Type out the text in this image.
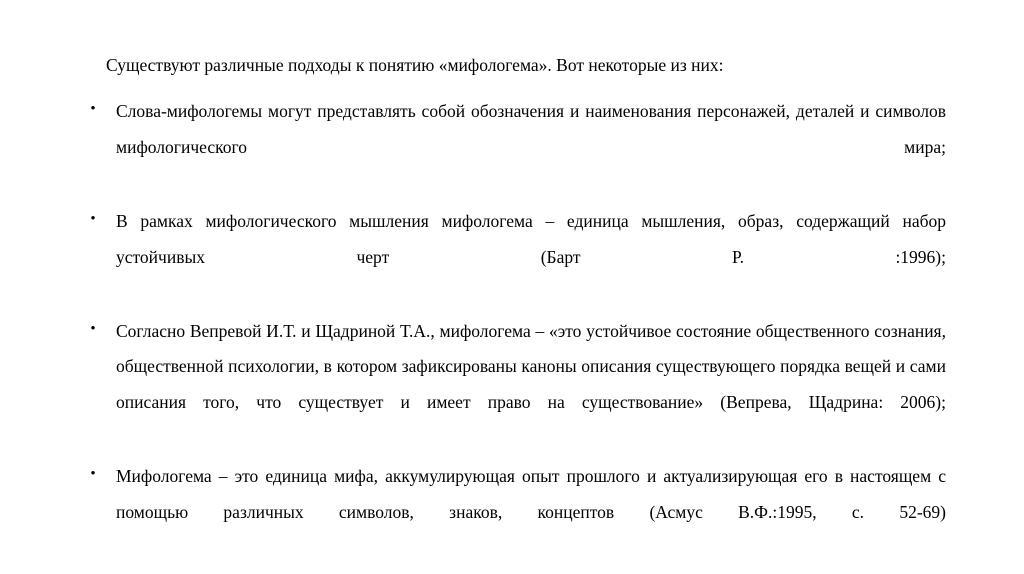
Существуют различные подходы к понятию «мифологема». Вот некоторые из них:

• Слова-мифологемы могут представлять собой обозначения и наименования персонажей, деталей и символов мифологического мира;
• В рамках мифологического мышления мифологема – единица мышления, образ, содержащий набор устойчивых черт (Барт Р. :1996);
• Согласно Вепревой И.Т. и Щадриной Т.А., мифологема – «это устойчивое состояние общественного сознания, общественной психологии, в котором зафиксированы каноны описания существующего порядка вещей и сами описания того, что существует и имеет право на существование» (Вепрева, Щадрина: 2006);
• Мифологема – это единица мифа, аккумулирующая опыт прошлого и актуализирующая его в настоящем с помощью различных символов, знаков, концептов (Асмус В.Ф.:1995, с. 52-69)
